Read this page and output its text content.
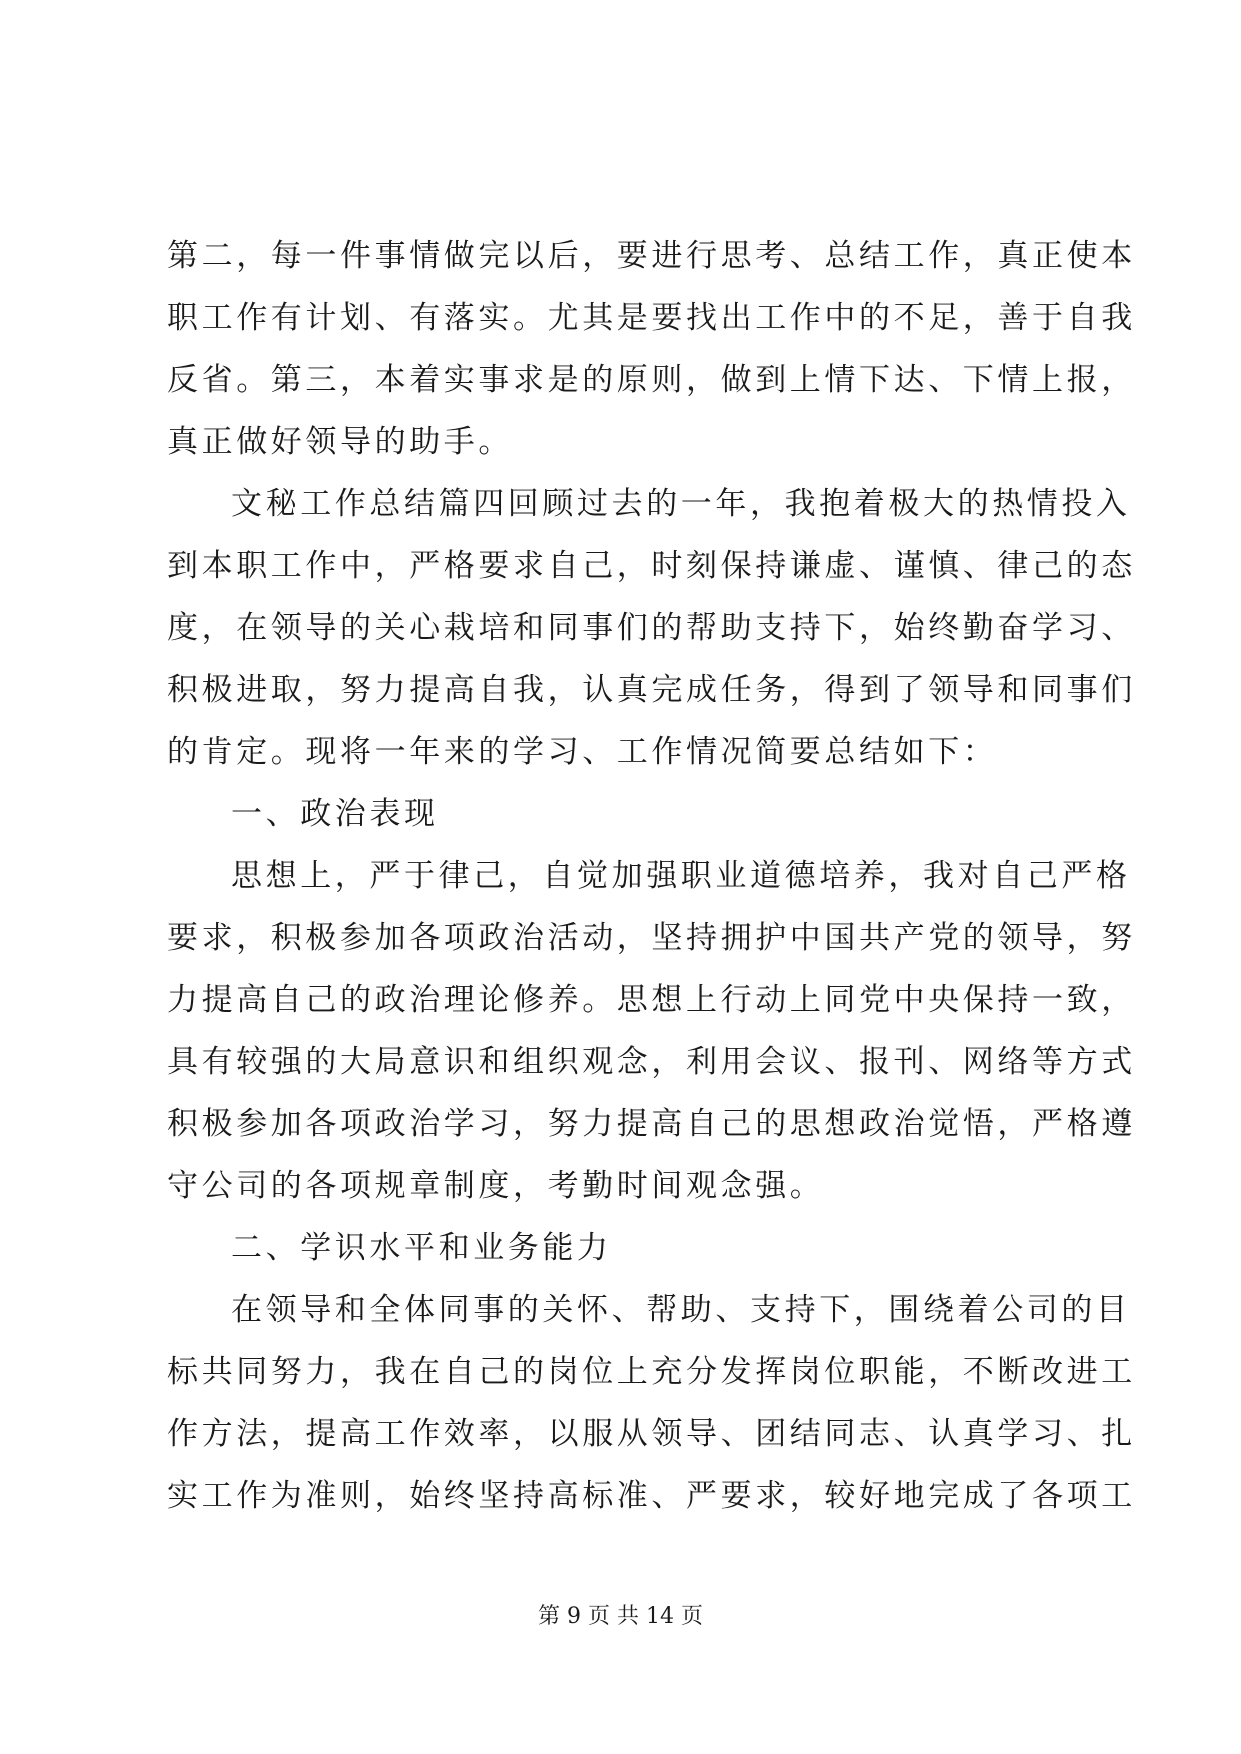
第二，每一件事情做完以后，要进行思考、总结工作，真正使本
职工作有计划、有落实。尤其是要找出工作中的不足，善于自我
反省。第三，本着实事求是的原则，做到上情下达、下情上报，
真正做好领导的助手。
文秘工作总结篇四回顾过去的一年，我抱着极大的热情投入
到本职工作中，严格要求自己，时刻保持谦虚、谨慎、律己的态
度，在领导的关心栽培和同事们的帮助支持下，始终勤奋学习、
积极进取，努力提高自我，认真完成任务，得到了领导和同事们
的肯定。现将一年来的学习、工作情况简要总结如下：
一、政治表现
思想上，严于律己，自觉加强职业道德培养，我对自己严格
要求，积极参加各项政治活动，坚持拥护中国共产党的领导，努
力提高自己的政治理论修养。思想上行动上同党中央保持一致，
具有较强的大局意识和组织观念，利用会议、报刊、网络等方式
积极参加各项政治学习，努力提高自己的思想政治觉悟，严格遵
守公司的各项规章制度，考勤时间观念强。
二、学识水平和业务能力
在领导和全体同事的关怀、帮助、支持下，围绕着公司的目
标共同努力，我在自己的岗位上充分发挥岗位职能，不断改进工
作方法，提高工作效率，以服从领导、团结同志、认真学习、扎
实工作为准则，始终坚持高标准、严要求，较好地完成了各项工
第 9 页 共 14 页
